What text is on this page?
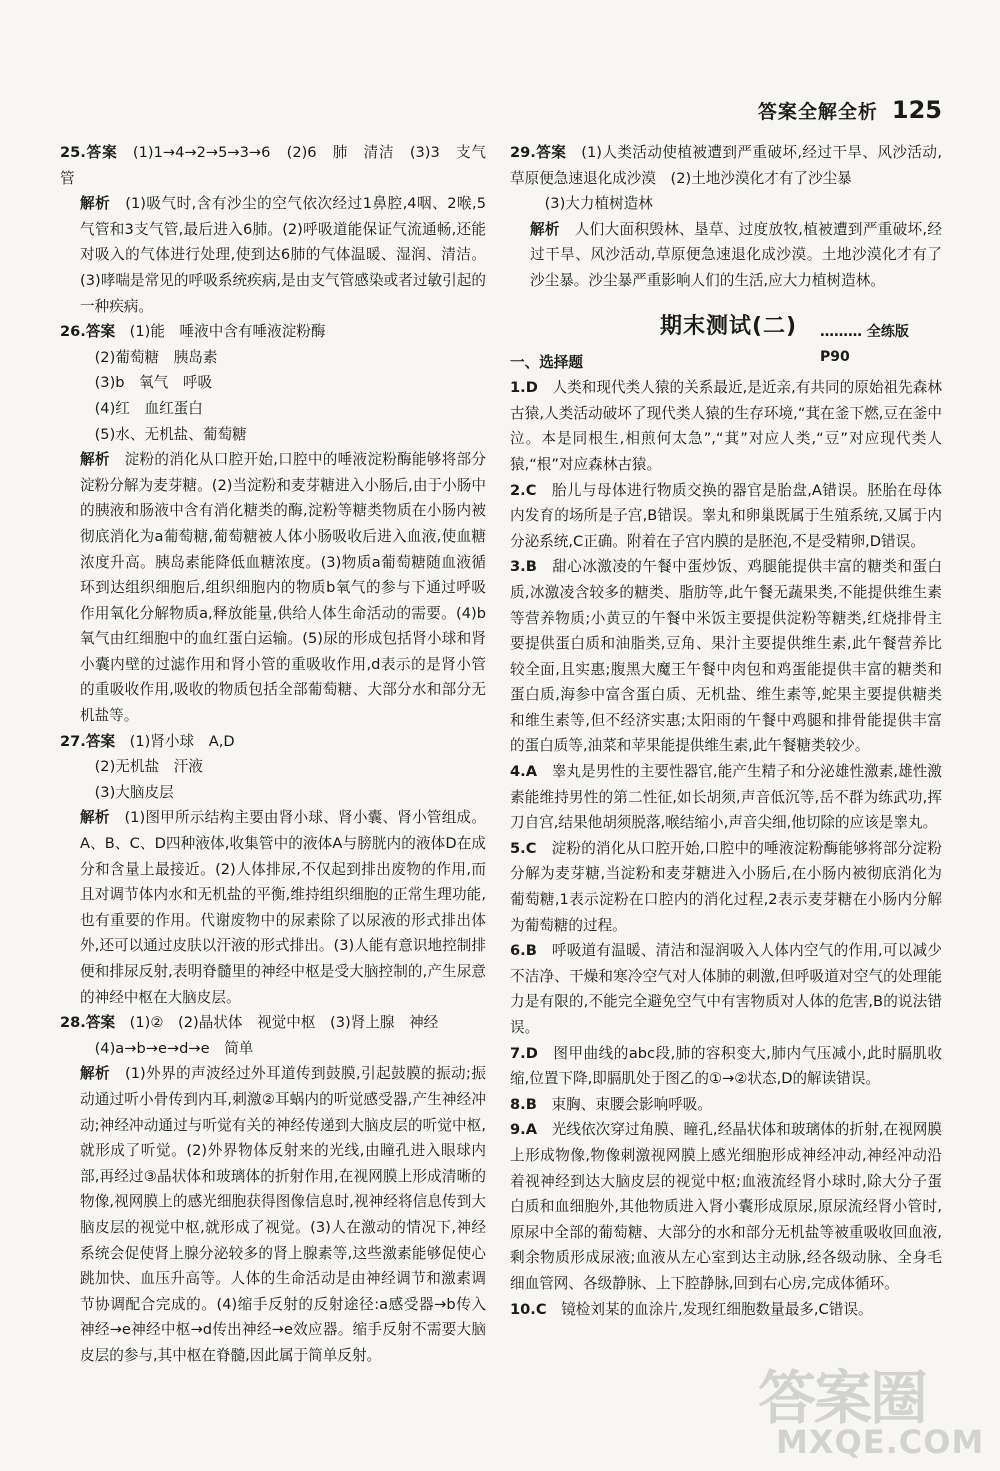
答案全解全析 125

25.答案　 (1)1→4→2→5→3→6　(2)6　肺　清洁　(3)3　支气管

解析　 (1)吸气时,含有沙尘的空气依次经过1鼻腔,4咽、2喉,5气管和3支气管,最后进入6肺。(2)呼吸道能保证气流通畅,还能对吸入的气体进行处理,使到达6肺的气体温暖、湿润、清洁。(3)哮喘是常见的呼吸系统疾病,是由支气管感染或者过敏引起的一种疾病。

26.答案　 (1)能　唾液中含有唾液淀粉酶

　(2)葡萄糖　胰岛素

　(3)b　氧气　呼吸

　(4)红　血红蛋白

　(5)水、无机盐、葡萄糖

解析　 淀粉的消化从口腔开始,口腔中的唾液淀粉酶能够将部分淀粉分解为麦芽糖。(2)当淀粉和麦芽糖进入小肠后,由于小肠中的胰液和肠液中含有消化糖类的酶,淀粉等糖类物质在小肠内被彻底消化为a葡萄糖,葡萄糖被人体小肠吸收后进入血液,使血糖浓度升高。胰岛素能降低血糖浓度。(3)物质a葡萄糖随血液循环到达组织细胞后,组织细胞内的物质b氧气的参与下通过呼吸作用氧化分解物质a,释放能量,供给人体生命活动的需要。(4)b氧气由红细胞中的血红蛋白运输。(5)尿的形成包括肾小球和肾小囊内壁的过滤作用和肾小管的重吸收作用,d表示的是肾小管的重吸收作用,吸收的物质包括全部葡萄糖、大部分水和部分无机盐等。

27.答案　 (1)肾小球　A,D

　(2)无机盐　汗液

　(3)大脑皮层

解析　 (1)图甲所示结构主要由肾小球、肾小囊、肾小管组成。A、B、C、D四种液体,收集管中的液体A与膀胱内的液体D在成分和含量上最接近。(2)人体排尿,不仅起到排出废物的作用,而且对调节体内水和无机盐的平衡,维持组织细胞的正常生理功能,也有重要的作用。代谢废物中的尿素除了以尿液的形式排出体外,还可以通过皮肤以汗液的形式排出。(3)人能有意识地控制排便和排尿反射,表明脊髓里的神经中枢是受大脑控制的,产生尿意的神经中枢在大脑皮层。

28.答案　 (1)②　(2)晶状体　视觉中枢　(3)肾上腺　神经

　(4)a→b→e→d→e　简单

解析　 (1)外界的声波经过外耳道传到鼓膜,引起鼓膜的振动;振动通过听小骨传到内耳,刺激②耳蜗内的听觉感受器,产生神经冲动;神经冲动通过与听觉有关的神经传递到大脑皮层的听觉中枢,就形成了听觉。(2)外界物体反射来的光线,由瞳孔进入眼球内部,再经过③晶状体和玻璃体的折射作用,在视网膜上形成清晰的物像,视网膜上的感光细胞获得图像信息时,视神经将信息传到大脑皮层的视觉中枢,就形成了视觉。(3)人在激动的情况下,神经系统会促使肾上腺分泌较多的肾上腺素等,这些激素能够促使心跳加快、血压升高等。人体的生命活动是由神经调节和激素调节协调配合完成的。(4)缩手反射的反射途径:a感受器→b传入神经→e神经中枢→d传出神经→e效应器。缩手反射不需要大脑皮层的参与,其中枢在脊髓,因此属于简单反射。

29.答案　 (1)人类活动使植被遭到严重破坏,经过干旱、风沙活动,草原便急速退化成沙漠　(2)土地沙漠化才有了沙尘暴

　(3)大力植树造林

解析　 人们大面积毁林、垦草、过度放牧,植被遭到严重破坏,经过干旱、风沙活动,草原便急速退化成沙漠。土地沙漠化才有了沙尘暴。沙尘暴严重影响人们的生活,应大力植树造林。

期末测试(二) ……… 全练版 P90

一、选择题

1.D　 人类和现代类人猿的关系最近,是近亲,有共同的原始祖先森林古猿,人类活动破坏了现代类人猿的生存环境,“萁在釜下燃,豆在釜中泣。本是同根生,相煎何太急”,“萁”对应人类,“豆”对应现代类人猿,“根”对应森林古猿。

2.C　 胎儿与母体进行物质交换的器官是胎盘,A错误。胚胎在母体内发育的场所是子宫,B错误。睾丸和卵巢既属于生殖系统,又属于内分泌系统,C正确。附着在子宫内膜的是胚泡,不是受精卵,D错误。

3.B　 甜心冰激凌的午餐中蛋炒饭、鸡腿能提供丰富的糖类和蛋白质,冰激凌含较多的糖类、脂肪等,此午餐无蔬果类,不能提供维生素等营养物质;小黄豆的午餐中米饭主要提供淀粉等糖类,红烧排骨主要提供蛋白质和油脂类,豆角、果汁主要提供维生素,此午餐营养比较全面,且实惠;腹黑大魔王午餐中肉包和鸡蛋能提供丰富的糖类和蛋白质,海参中富含蛋白质、无机盐、维生素等,蛇果主要提供糖类和维生素等,但不经济实惠;太阳雨的午餐中鸡腿和排骨能提供丰富的蛋白质等,油菜和苹果能提供维生素,此午餐糖类较少。

4.A　 睾丸是男性的主要性器官,能产生精子和分泌雄性激素,雄性激素能维持男性的第二性征,如长胡须,声音低沉等,岳不群为练武功,挥刀自宫,结果他胡须脱落,喉结缩小,声音尖细,他切除的应该是睾丸。

5.C　 淀粉的消化从口腔开始,口腔中的唾液淀粉酶能够将部分淀粉分解为麦芽糖,当淀粉和麦芽糖进入小肠后,在小肠内被彻底消化为葡萄糖,1表示淀粉在口腔内的消化过程,2表示麦芽糖在小肠内分解为葡萄糖的过程。

6.B　 呼吸道有温暖、清洁和湿润吸入人体内空气的作用,可以减少不洁净、干燥和寒冷空气对人体肺的刺激,但呼吸道对空气的处理能力是有限的,不能完全避免空气中有害物质对人体的危害,B的说法错误。

7.D　 图甲曲线的abc段,肺的容积变大,肺内气压减小,此时膈肌收缩,位置下降,即膈肌处于图乙的①→②状态,D的解读错误。

8.B　 束胸、束腰会影响呼吸。

9.A　 光线依次穿过角膜、瞳孔,经晶状体和玻璃体的折射,在视网膜上形成物像,物像刺激视网膜上感光细胞形成神经冲动,神经冲动沿着视神经到达大脑皮层的视觉中枢;血液流经肾小球时,除大分子蛋白质和血细胞外,其他物质进入肾小囊形成原尿,原尿流经肾小管时,原尿中全部的葡萄糖、大部分的水和部分无机盐等被重吸收回血液,剩余物质形成尿液;血液从左心室到达主动脉,经各级动脉、全身毛细血管网、各级静脉、上下腔静脉,回到右心房,完成体循环。

10.C　 镜检刘某的血涂片,发现红细胞数量最多,C错误。

答案圈
MXQE.COM
